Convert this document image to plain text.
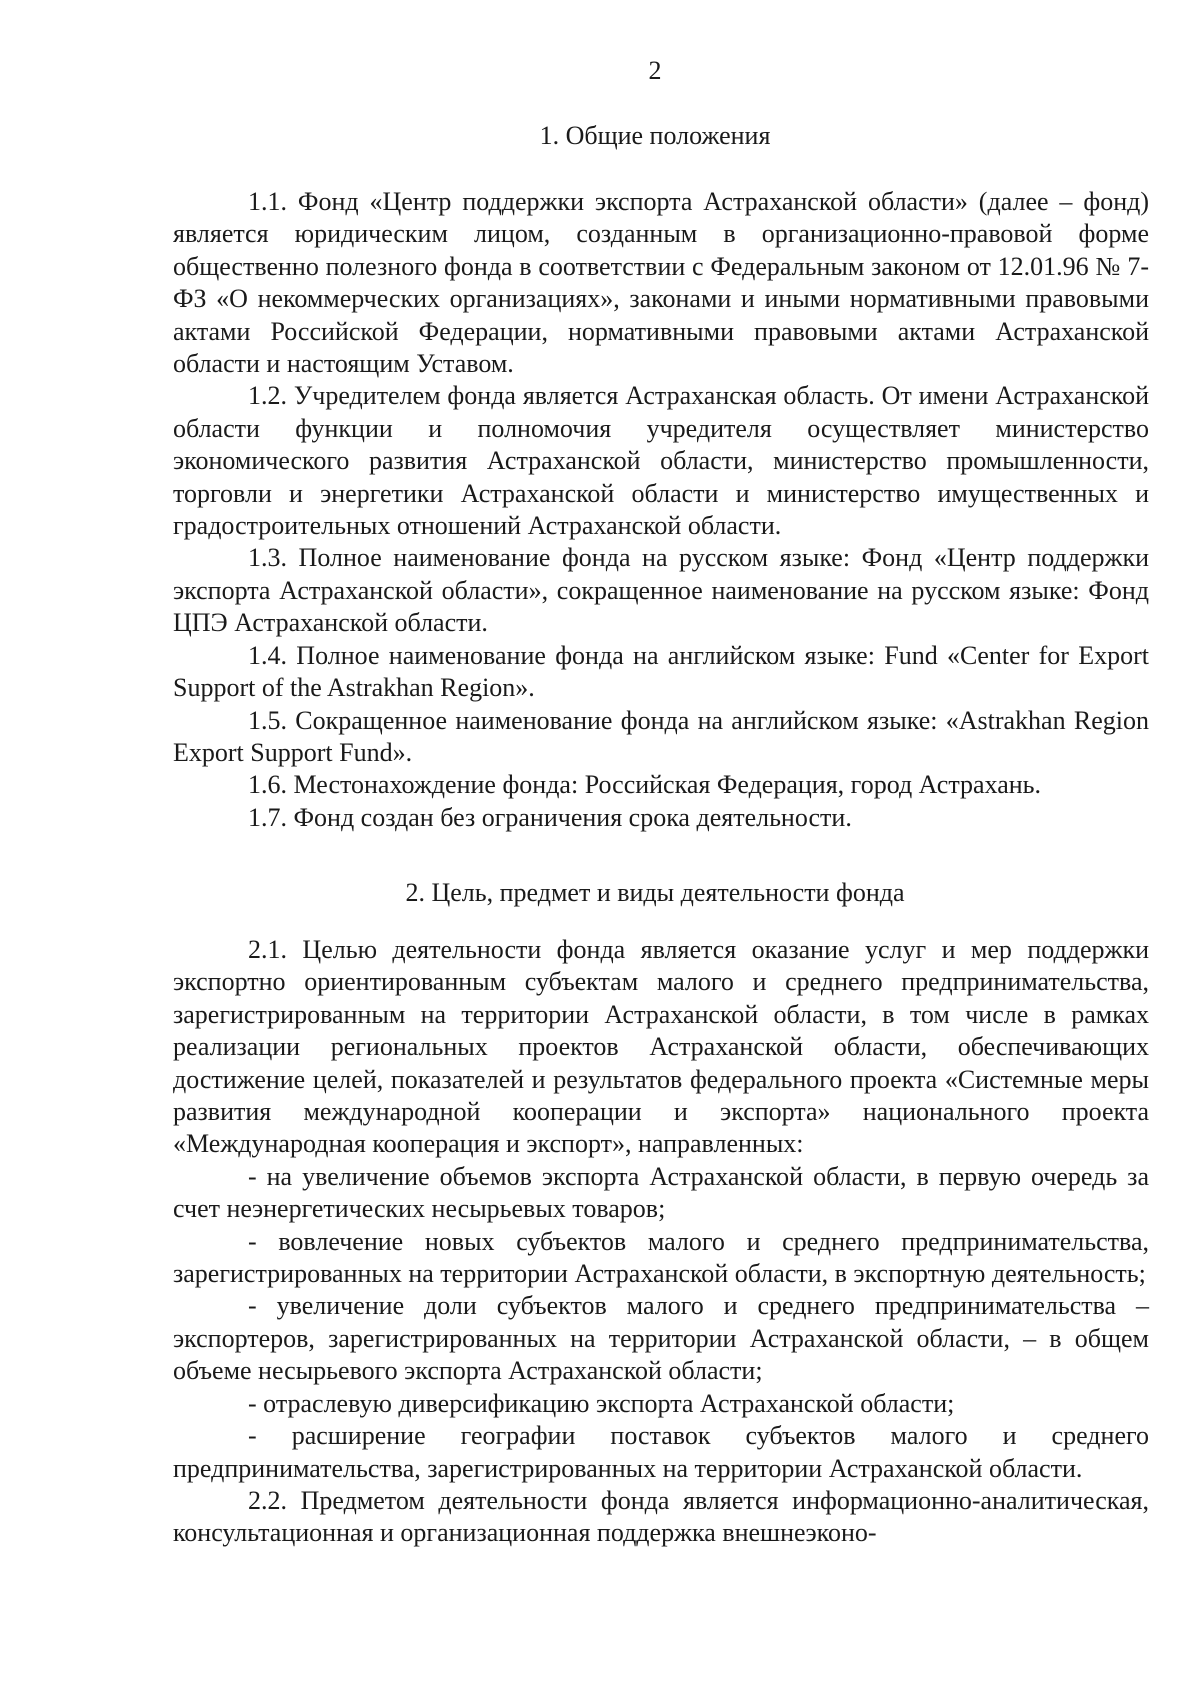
2
1. Общие положения

1.1. Фонд «Центр поддержки экспорта Астраханской области» (далее – фонд) является юридическим лицом, созданным в организационно-правовой форме общественно полезного фонда в соответствии с Федеральным законом от 12.01.96 № 7-ФЗ «О некоммерческих организациях», законами и иными нормативными правовыми актами Российской Федерации, нормативными правовыми актами Астраханской области и настоящим Уставом.

1.2. Учредителем фонда является Астраханская область. От имени Астраханской области функции и полномочия учредителя осуществляет министерство экономического развития Астраханской области, министерство промышленности, торговли и энергетики Астраханской области и министерство имущественных и градостроительных отношений Астраханской области.

1.3. Полное наименование фонда на русском языке: Фонд «Центр поддержки экспорта Астраханской области», сокращенное наименование на русском языке: Фонд ЦПЭ Астраханской области.

1.4. Полное наименование фонда на английском языке: Fund «Center for Export Support of the Astrakhan Region».

1.5. Сокращенное наименование фонда на английском языке: «Astrakhan Region Export Support Fund».

1.6. Местонахождение фонда: Российская Федерация, город Астрахань.

1.7. Фонд создан без ограничения срока деятельности.

2. Цель, предмет и виды деятельности фонда

2.1. Целью деятельности фонда является оказание услуг и мер поддержки экспортно ориентированным субъектам малого и среднего предпринимательства, зарегистрированным на территории Астраханской области, в том числе в рамках реализации региональных проектов Астраханской области, обеспечивающих достижение целей, показателей и результатов федерального проекта «Системные меры развития международной кооперации и экспорта» национального проекта «Международная кооперация и экспорт», направленных:

- на увеличение объемов экспорта Астраханской области, в первую очередь за счет неэнергетических несырьевых товаров;

- вовлечение новых субъектов малого и среднего предпринимательства, зарегистрированных на территории Астраханской области, в экспортную деятельность;

- увеличение доли субъектов малого и среднего предпринимательства – экспортеров, зарегистрированных на территории Астраханской области, – в общем объеме несырьевого экспорта Астраханской области;

- отраслевую диверсификацию экспорта Астраханской области;

- расширение географии поставок субъектов малого и среднего предпринимательства, зарегистрированных на территории Астраханской области.

2.2. Предметом деятельности фонда является информационно-аналитическая, консультационная и организационная поддержка внешнеэконо-
